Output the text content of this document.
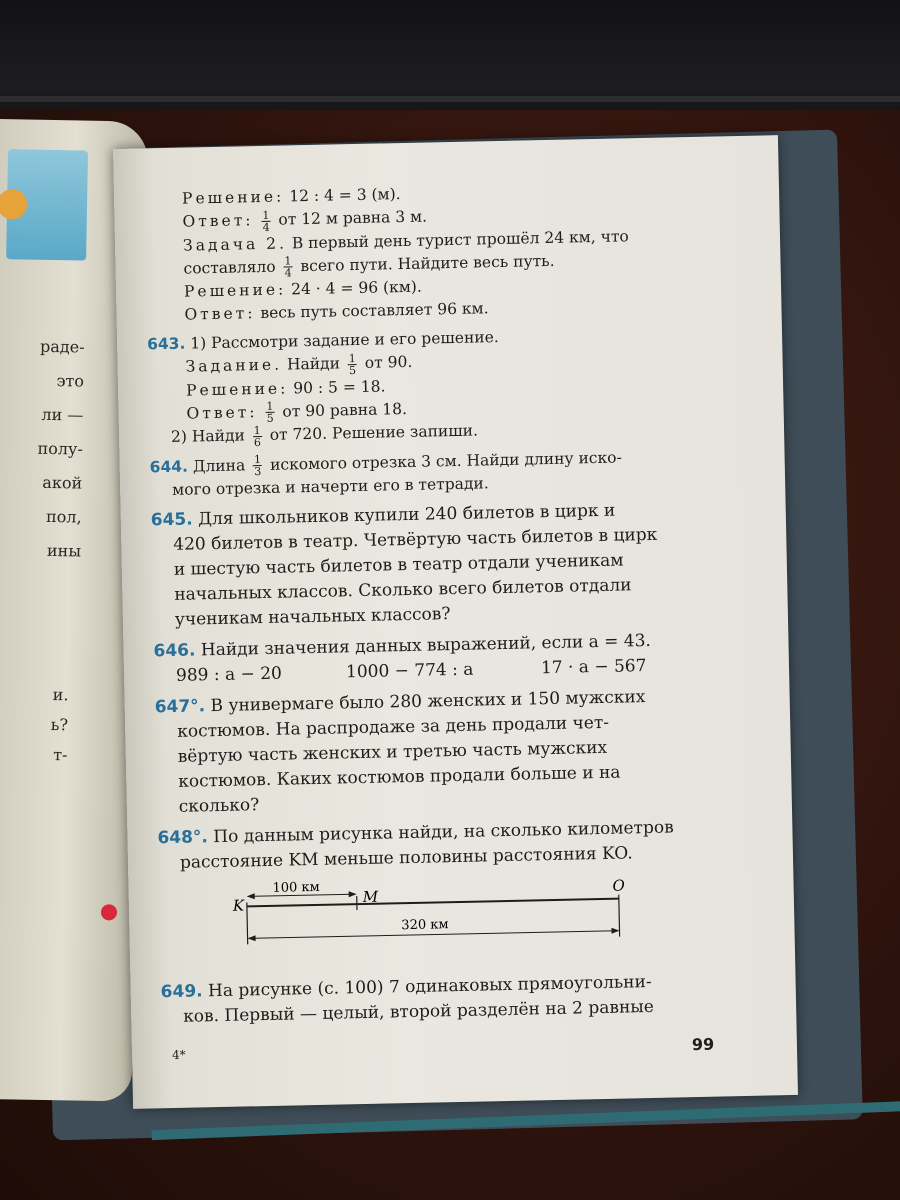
раде-
это
ли —
полу-
акой
пол,
ины
и.
ь?
т-
Решение: 12 : 4 = 3 (м).
Ответ: $\frac{1}{4}$ от 12 м равна 3 м.
Задача 2. В первый день турист прошёл 24 км, что
составляло $\frac{1}{4}$ всего пути. Найдите весь путь.
Решение: 24 · 4 = 96 (км).
Ответ: весь путь составляет 96 км.
643. 1) Рассмотри задание и его решение.
Задание. Найди $\frac{1}{5}$ от 90.
Решение: 90 : 5 = 18.
Ответ: $\frac{1}{5}$ от 90 равна 18.
2) Найди $\frac{1}{6}$ от 720. Решение запиши.
644. Длина $\frac{1}{3}$ искомого отрезка 3 см. Найди длину иско-
мого отрезка и начерти его в тетради.
645. Для школьников купили 240 билетов в цирк и
420 билетов в театр. Четвёртую часть билетов в цирк
и шестую часть билетов в театр отдали ученикам
начальных классов. Сколько всего билетов отдали
ученикам начальных классов?
646. Найди значения данных выражений, если a = 43.
989 : a − 20	1000 − 774 : a	17 · a − 567
647°. В универмаге было 280 женских и 150 мужских
костюмов. На распродаже за день продали чет-
вёртую часть женских и третью часть мужских
костюмов. Каких костюмов продали больше и на
сколько?
648°. По данным рисунка найди, на сколько километров
расстояние KM меньше половины расстояния KO.
K	M
O
100 км
320 км
649. На рисунке (с. 100) 7 одинаковых прямоугольни-
ков. Первый — целый, второй разделён на 2 равные
4*
99
